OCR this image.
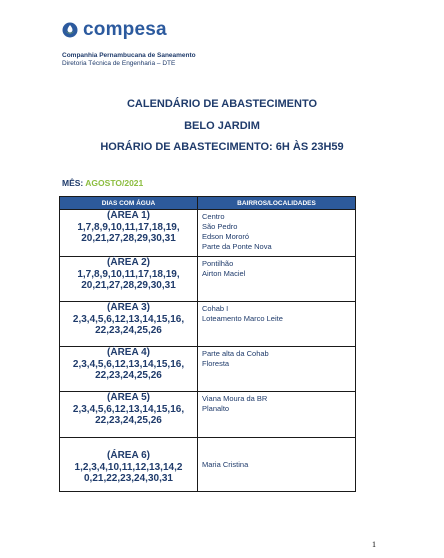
compesa
Companhia Pernambucana de Saneamento
Diretoria Técnica de Engenharia – DTE
CALENDÁRIO DE ABASTECIMENTO
BELO JARDIM
HORÁRIO DE ABASTECIMENTO: 6H ÀS 23H59
MÊS: AGOSTO/2021
DIAS COM ÁGUA	BAIRROS/LOCALIDADES

(ÁREA 1)
1,7,8,9,10,11,17,18,19,
20,21,27,28,29,30,31	Centro
São Pedro
Edson Mororó
Parte da Ponte Nova

(ÁREA 2)
1,7,8,9,10,11,17,18,19,
20,21,27,28,29,30,31	Pontilhão
Airton Maciel

(ÁREA 3)
2,3,4,5,6,12,13,14,15,16,
22,23,24,25,26	Cohab I
Loteamento Marco Leite

(ÁREA 4)
2,3,4,5,6,12,13,14,15,16,
22,23,24,25,26	Parte alta da Cohab
Floresta

(ÁREA 5)
2,3,4,5,6,12,13,14,15,16,
22,23,24,25,26	Viana Moura da BR
Planalto

(ÁREA 6)
1,2,3,4,10,11,12,13,14,2
0,21,22,23,24,30,31	Maria Cristina
1
